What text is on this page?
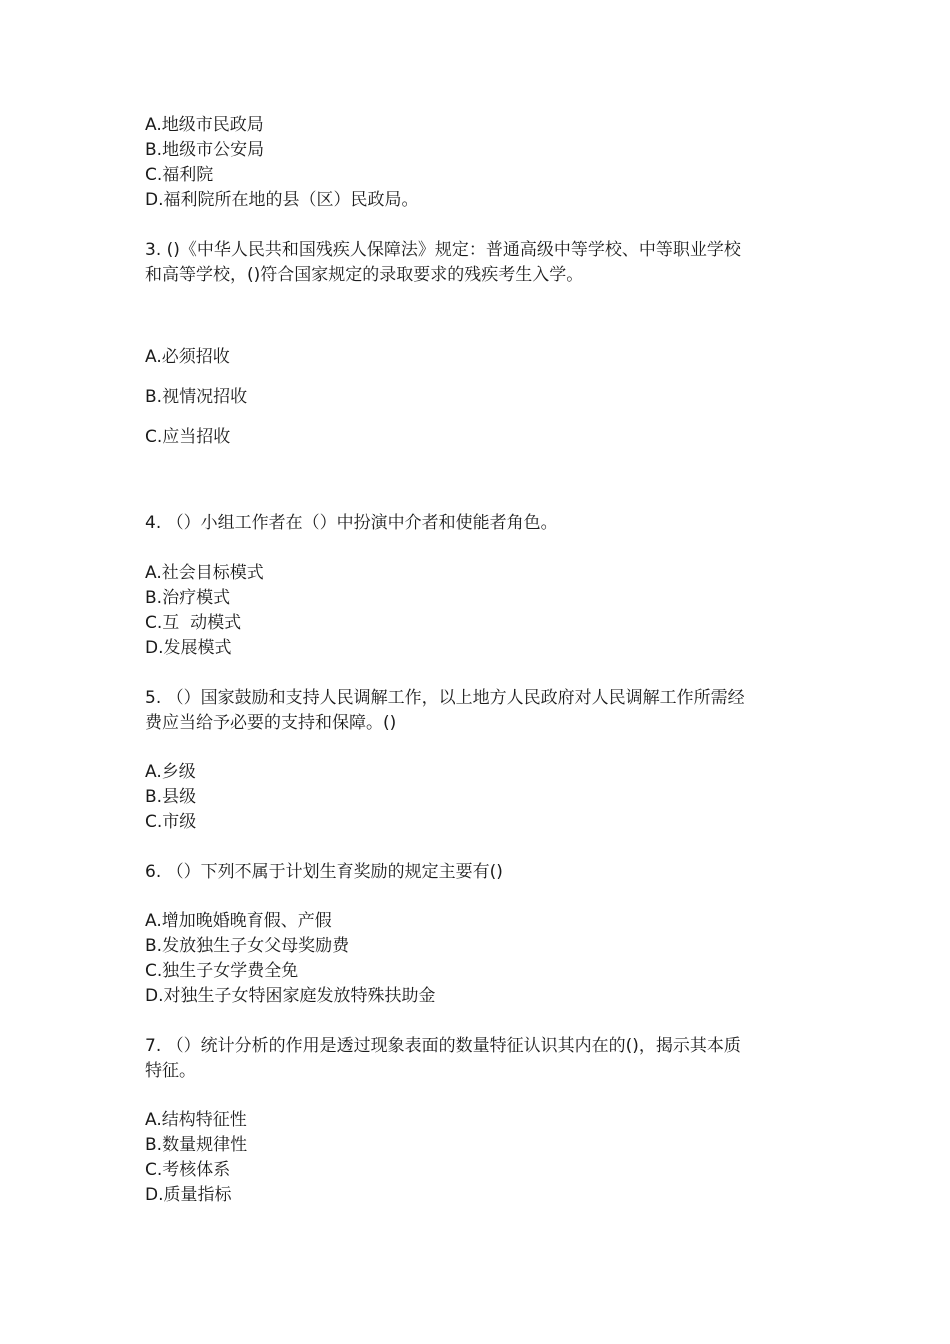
A.地级市民政局

B.地级市公安局

C.福利院

D.福利院所在地的县（区）民政局。

3. ()《中华人民共和国残疾人保障法》规定：普通高级中等学校、中等职业学校

和高等学校，()符合国家规定的录取要求的残疾考生入学。

A.必须招收

B.视情况招收

C.应当招收

4. （）小组工作者在（）中扮演中介者和使能者角色。

A.社会目标模式

B.治疗模式

C.互  动模式

D.发展模式

5. （）国家鼓励和支持人民调解工作，以上地方人民政府对人民调解工作所需经

费应当给予必要的支持和保障。()

A.乡级

B.县级

C.市级

6. （）下列不属于计划生育奖励的规定主要有()

A.增加晚婚晚育假、产假

B.发放独生子女父母奖励费

C.独生子女学费全免

D.对独生子女特困家庭发放特殊扶助金

7. （）统计分析的作用是透过现象表面的数量特征认识其内在的()，揭示其本质

特征。

A.结构特征性

B.数量规律性

C.考核体系

D.质量指标
